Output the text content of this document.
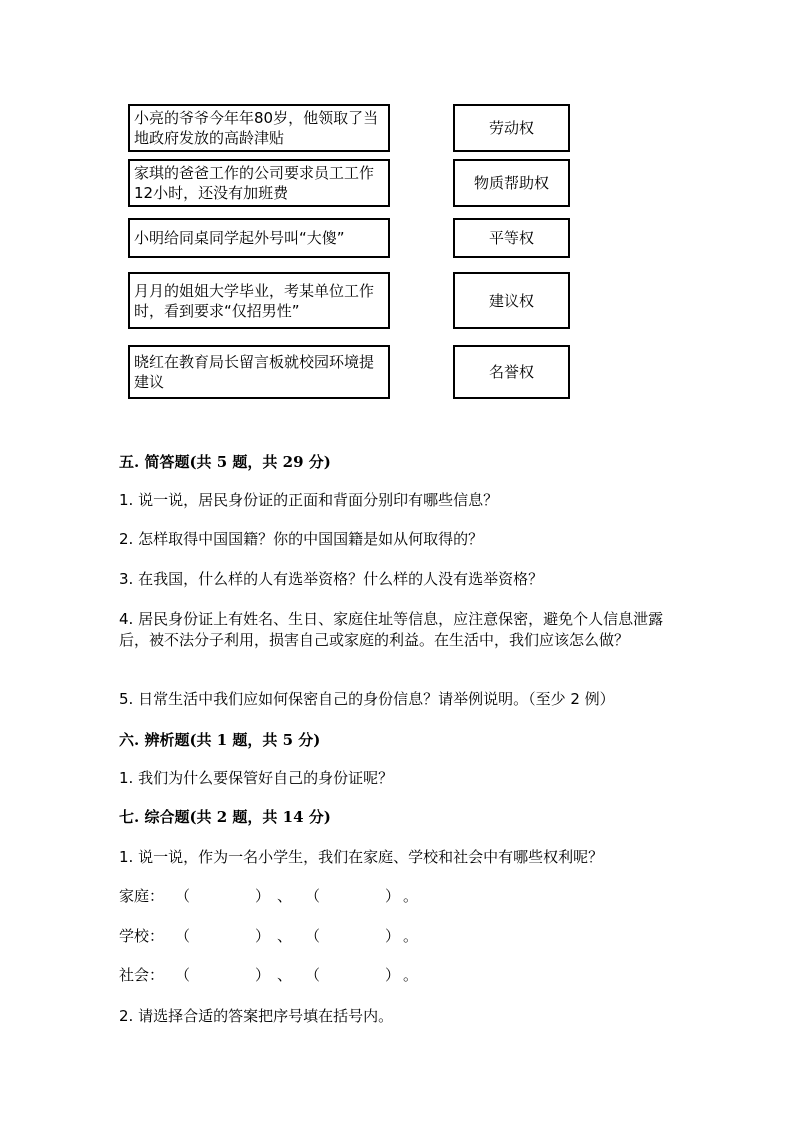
小亮的爷爷今年年80岁，他领取了当地政府发放的高龄津贴
家琪的爸爸工作的公司要求员工工作12小时，还没有加班费
小明给同桌同学起外号叫“大傻”
月月的姐姐大学毕业，考某单位工作时，看到要求“仅招男性”
晓红在教育局长留言板就校园环境提建议
劳动权
物质帮助权
平等权
建议权
名誉权
五. 简答题(共 5 题，共 29 分)
1. 说一说，居民身份证的正面和背面分别印有哪些信息？
2. 怎样取得中国国籍？你的中国国籍是如从何取得的？
3. 在我国，什么样的人有选举资格？什么样的人没有选举资格？
4. 居民身份证上有姓名、生日、家庭住址等信息，应注意保密，避免个人信息泄露后，被不法分子利用，损害自己或家庭的利益。在生活中，我们应该怎么做？
5. 日常生活中我们应如何保密自己的身份信息？请举例说明。（至少 2 例）
六. 辨析题(共 1 题，共 5 分)
1. 我们为什么要保管好自己的身份证呢？
七. 综合题(共 2 题，共 14 分)
1. 说一说，作为一名小学生，我们在家庭、学校和社会中有哪些权利呢？
家庭： （	） 、 （	） 。
学校： （	） 、 （	） 。
社会： （	） 、 （	） 。
2. 请选择合适的答案把序号填在括号内。
